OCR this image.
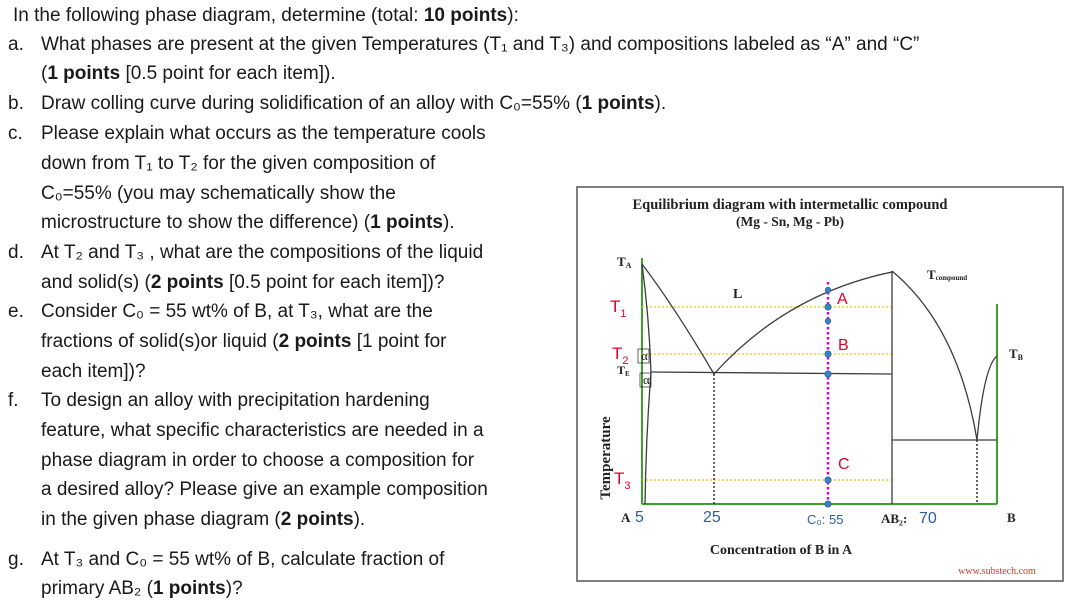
In the following phase diagram, determine (total: 10 points):
a. What phases are present at the given Temperatures (T₁ and T₃) and compositions labeled as “A” and “C”
(1 points [0.5 point for each item]).
b. Draw colling curve during solidification of an alloy with C₀=55% (1 points).
c. Please explain what occurs as the temperature cools
down from T₁ to T₂ for the given composition of
C₀=55% (you may schematically show the
microstructure to show the difference) (1 points).
d. At T₂ and T₃ , what are the compositions of the liquid
and solid(s) (2 points [0.5 point for each item])?
e. Consider C₀ = 55 wt% of B, at T₃, what are the
fractions of solid(s)or liquid (2 points [1 point for
each item])?
f. To design an alloy with precipitation hardening
feature, what specific characteristics are needed in a
phase diagram in order to choose a composition for
a desired alloy? Please give an example composition
in the given phase diagram (2 points).
g. At T₃ and C₀ = 55 wt% of B, calculate fraction of
primary AB₂ (1 points)?
Equilibrium diagram with intermetallic compound
(Mg - Sn, Mg - Pb)
Temperature
TA
$T_1$
$T_2$
TE
$T_3$
Tcompound
TB
α
α
L	A
B
C
A 5	25	C₀: 55	AB₂: 70	B
Concentration of B in A
www.substech.com
